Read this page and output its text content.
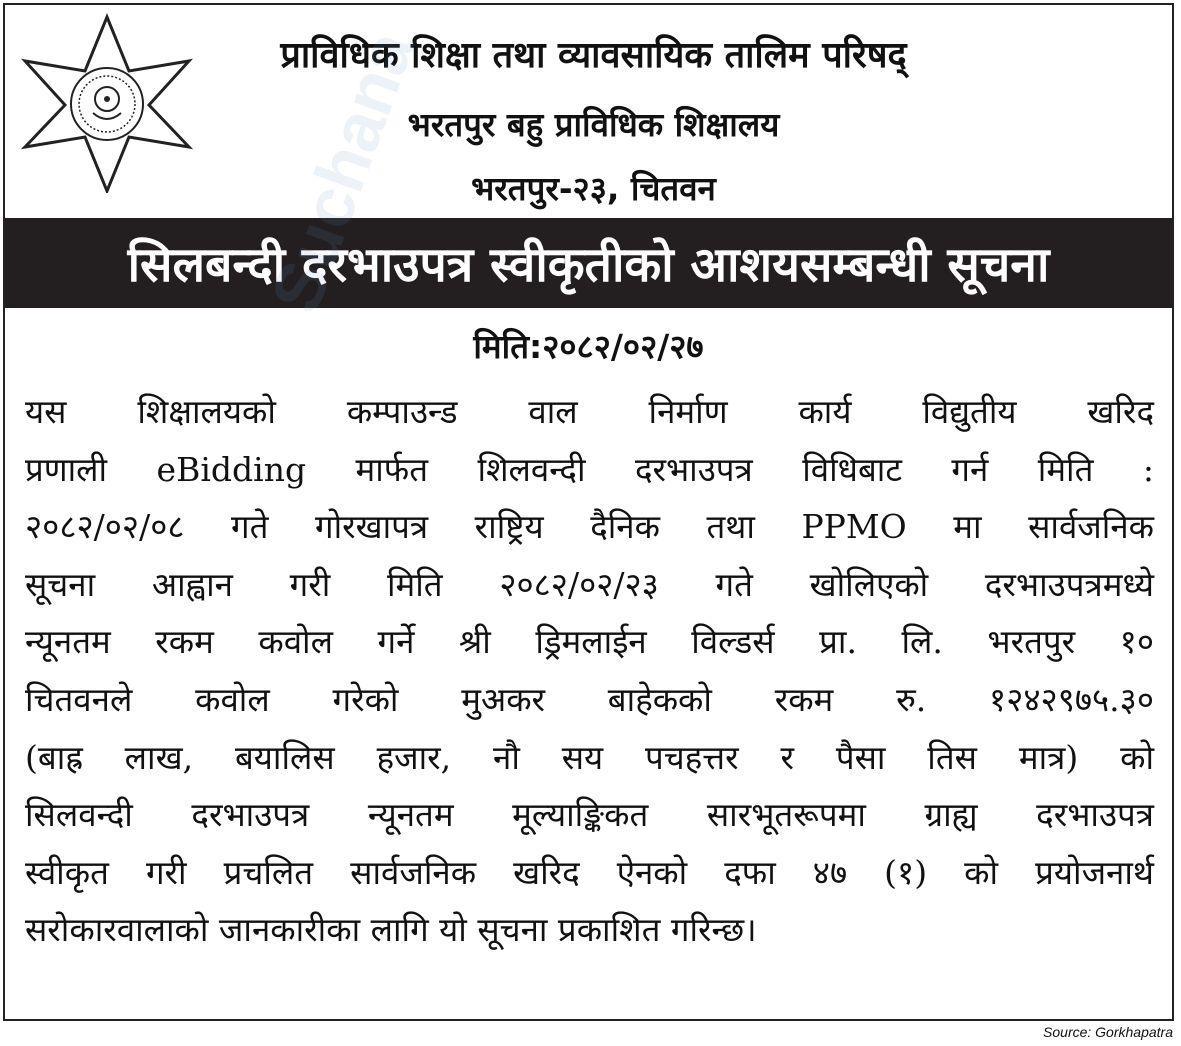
प्राविधिक शिक्षा तथा व्यावसायिक तालिम परिषद्
भरतपुर बहु प्राविधिक शिक्षालय
भरतपुर-२३, चितवन
सिलबन्दी दरभाउपत्र स्वीकृतीको आशयसम्बन्धी सूचना
मिति:२०८२/०२/२७
Suchana
यस शिक्षालयको कम्पाउन्ड वाल निर्माण कार्य विद्युतीय खरिद
प्रणाली eBidding मार्फत शिलवन्दी दरभाउपत्र विधिबाट गर्न मिति :
२०८२/०२/०८ गते गोरखापत्र राष्ट्रिय दैनिक तथा PPMO मा सार्वजनिक
सूचना आह्वान गरी मिति २०८२/०२/२३ गते खोलिएको दरभाउपत्रमध्ये
न्यूनतम रकम कवोल गर्ने श्री ड्रिमलाईन विल्डर्स प्रा. लि. भरतपुर १०
चितवनले कवोल गरेको मुअकर बाहेकको रकम रु. १२४२९७५.३०
(बाह्र लाख, बयालिस हजार, नौ सय पचहत्तर र पैसा तिस मात्र) को
सिलवन्दी दरभाउपत्र न्यूनतम मूल्याङ्किकत सारभूतरूपमा ग्राह्य दरभाउपत्र
स्वीकृत गरी प्रचलित सार्वजनिक खरिद ऐनको दफा ४७ (१) को प्रयोजनार्थ
सरोकारवालाको जानकारीका लागि यो सूचना प्रकाशित गरिन्छ।
Source: Gorkhapatra
